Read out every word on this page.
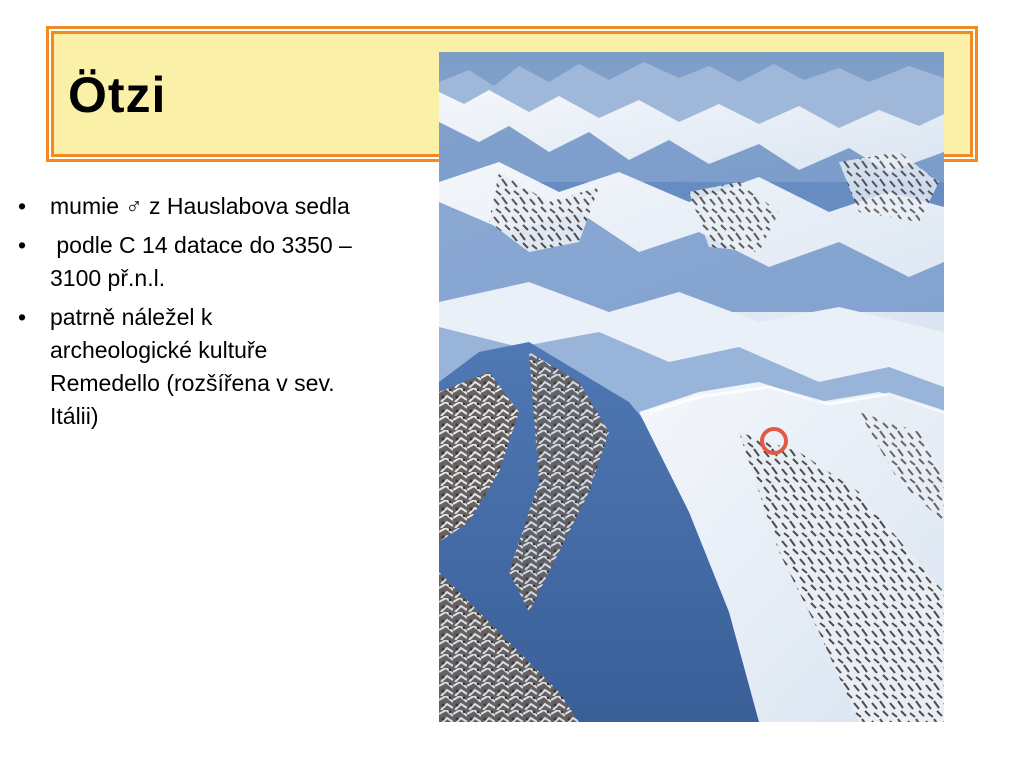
Ötzi
• mumie ♂ z Hauslabova sedla
• podle C 14 datace do 3350 – 3100 př.n.l.
• patrně náležel k archeologické kultuře Remedello (rozšířena v sev. Itálii)
